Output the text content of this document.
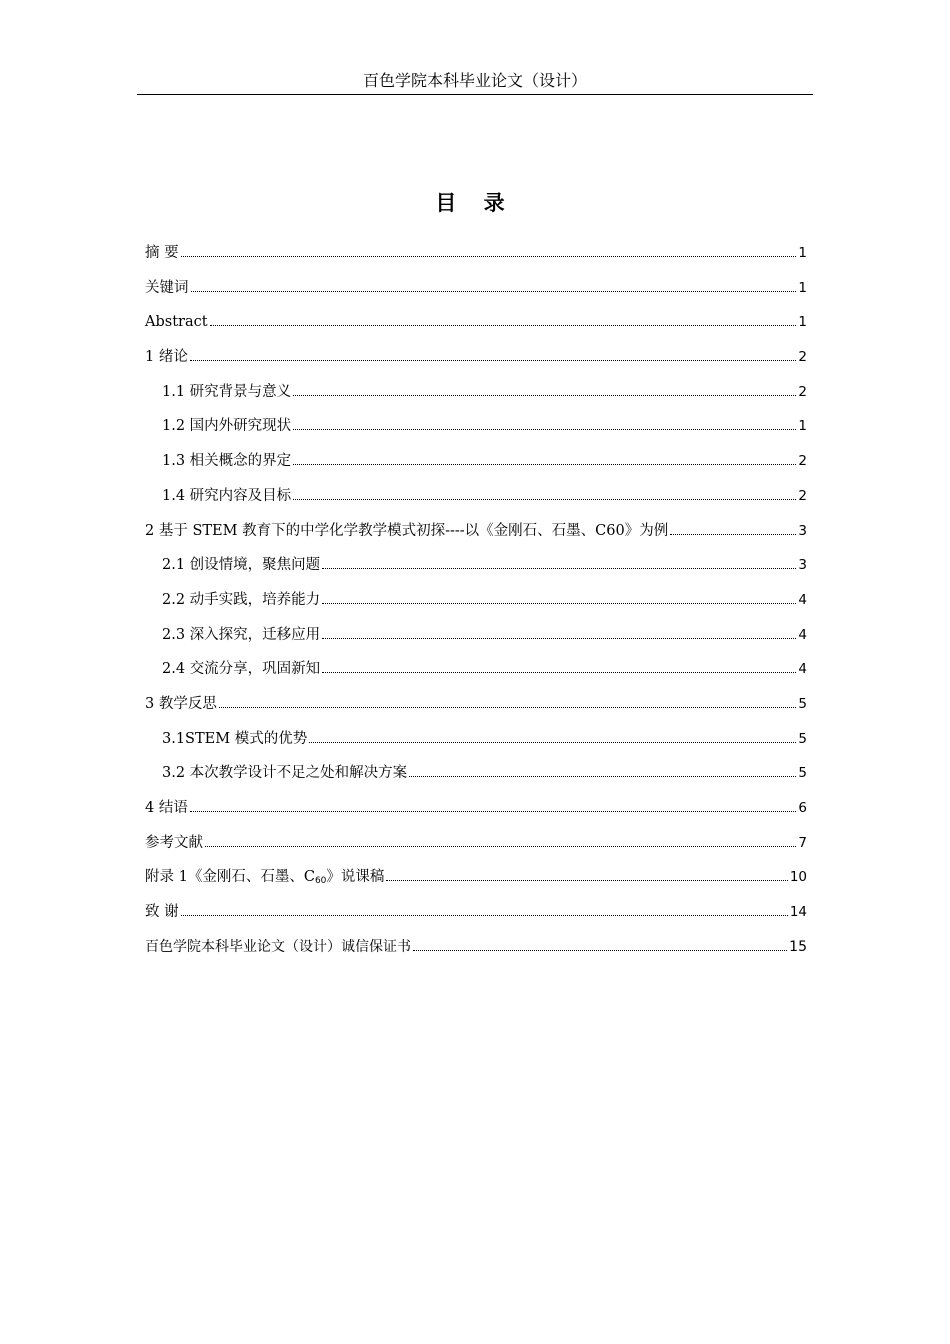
百色学院本科毕业论文（设计）
目 录
摘 要	1
关键词	1
Abstract	1
1 绪论	2
1.1 研究背景与意义	2
1.2 国内外研究现状	1
1.3 相关概念的界定	2
1.4 研究内容及目标	2
2 基于 STEM 教育下的中学化学教学模式初探----以《金刚石、石墨、C60》为例	3
2.1 创设情境，聚焦问题	3
2.2 动手实践，培养能力	4
2.3 深入探究，迁移应用	4
2.4 交流分享，巩固新知	4
3 教学反思	5
3.1STEM 模式的优势	5
3.2 本次教学设计不足之处和解决方案	5
4 结语	6
参考文献	7
附录 1《金刚石、石墨、$C_{60}$》说课稿	10
致 谢	14
百色学院本科毕业论文（设计）诚信保证书	15
